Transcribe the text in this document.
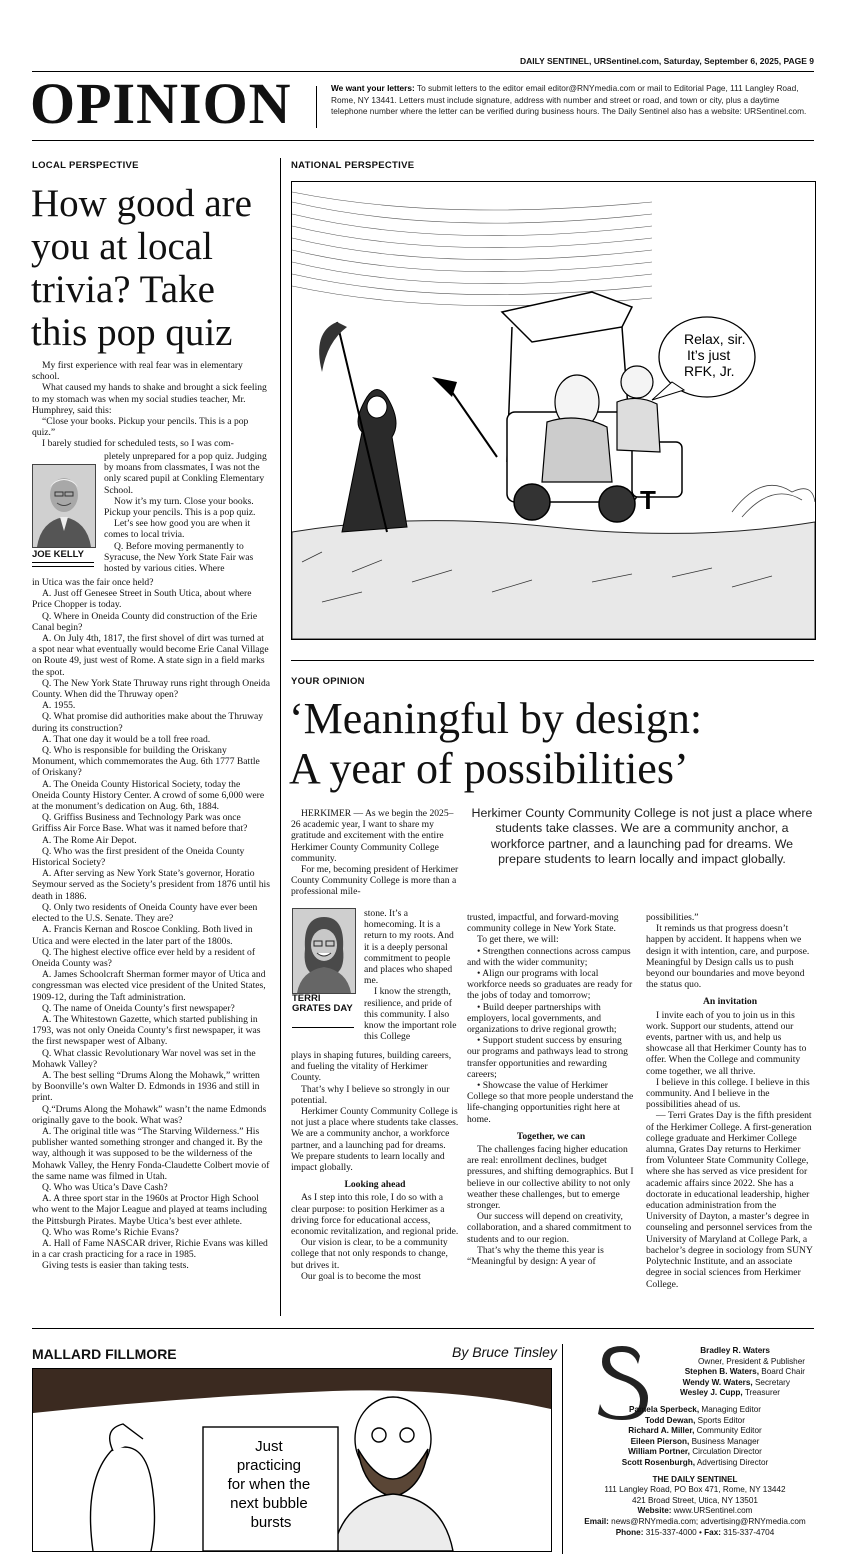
DAILY SENTINEL, URSentinel.com, Saturday, September 6, 2025, PAGE 9
OPINION	We want your letters: To submit letters to the editor email editor@RNYmedia.com or mail to Editorial Page, 111 Langley Road, Rome, NY 13441. Letters must include signature, address with number and street or road, and town or city, plus a daytime telephone number where the letter can be verified during business hours. The Daily Sentinel also has a website: URSentinel.com.
LOCAL PERSPECTIVE
How good are you at local trivia? Take this pop quiz

My first experience with real fear was in elementary school.

What caused my hands to shake and brought a sick feeling to my stomach was when my social studies teacher, Mr. Humphrey, said this:

“Close your books. Pickup your pencils. This is a pop quiz.”

I barely studied for scheduled tests, so I was com-

JOE KELLY

pletely unprepared for a pop quiz. Judging by moans from classmates, I was not the only scared pupil at Conkling Elementary School.

Now it’s my turn. Close your books. Pickup your pencils. This is a pop quiz.

Let’s see how good you are when it comes to local trivia.

Q. Before moving permanently to Syracuse, the New York State Fair was hosted by various cities. Where

in Utica was the fair once held?

A. Just off Genesee Street in South Utica, about where Price Chopper is today.

Q. Where in Oneida County did construction of the Erie Canal begin?

A. On July 4th, 1817, the first shovel of dirt was turned at a spot near what eventually would become Erie Canal Village on Route 49, just west of Rome. A state sign in a field marks the spot.

Q. The New York State Thruway runs right through Oneida County. When did the Thruway open?

A. 1955.

Q. What promise did authorities make about the Thruway during its construction?

A. That one day it would be a toll free road.

Q. Who is responsible for building the Oriskany Monument, which commemorates the Aug. 6th 1777 Battle of Oriskany?

A. The Oneida County Historical Society, today the Oneida County History Center. A crowd of some 6,000 were at the monument’s dedication on Aug. 6th, 1884.

Q. Griffiss Business and Technology Park was once Griffiss Air Force Base. What was it named before that?

A. The Rome Air Depot.

Q. Who was the first president of the Oneida County Historical Society?

A. After serving as New York State’s governor, Horatio Seymour served as the Society’s president from 1876 until his death in 1886.

Q. Only two residents of Oneida County have ever been elected to the U.S. Senate. They are?

A. Francis Kernan and Roscoe Conkling. Both lived in Utica and were elected in the later part of the 1800s.

Q. The highest elective office ever held by a resident of Oneida County was?

A. James Schoolcraft Sherman former mayor of Utica and congressman was elected vice president of the United States, 1909-12, during the Taft administration.

Q. The name of Oneida County’s first newspaper?

A. The Whitestown Gazette, which started publishing in 1793, was not only Oneida County’s first newspaper, it was the first newspaper west of Albany.

Q. What classic Revolutionary War novel was set in the Mohawk Valley?

A. The best selling “Drums Along the Mohawk,” written by Boonville’s own Walter D. Edmonds in 1936 and still in print.

Q.“Drums Along the Mohawk” wasn’t the name Edmonds originally gave to the book. What was?

A. The original title was “The Starving Wilderness.” His publisher wanted something stronger and changed it. By the way, although it was supposed to be the wilderness of the Mohawk Valley, the Henry Fonda-Claudette Colbert movie of the same name was filmed in Utah.

Q. Who was Utica’s Dave Cash?

A. A three sport star in the 1960s at Proctor High School who went to the Major League and played at teams including the Pittsburgh Pirates. Maybe Utica’s best ever athlete.

Q. Who was Rome’s Richie Evans?

A. Hall of Fame NASCAR driver, Richie Evans was killed in a car crash practicing for a race in 1985.

Giving tests is easier than taking tests.

NATIONAL PERSPECTIVE
T
Relax, sir. It’s just RFK, Jr.
YOUR OPINION
‘Meaningful by design:
A year of possibilities’
Herkimer County Community College is not just a place where students take classes. We are a community anchor, a workforce partner, and a launching pad for dreams. We prepare students to learn locally and impact globally.

HERKIMER — As we begin the 2025–26 academic year, I want to share my gratitude and excitement with the entire Herkimer County Community College community.

For me, becoming president of Herkimer County Community College is more than a professional mile-

TERRI GRATES DAY

stone. It’s a homecoming. It is a return to my roots. And it is a deeply personal commitment to people and places who shaped me.

I know the strength, resilience, and pride of this community. I also know the important role this College

plays in shaping futures, building careers, and fueling the vitality of Herkimer County.

That’s why I believe so strongly in our potential.

Herkimer County Community College is not just a place where students take classes. We are a community anchor, a workforce partner, and a launching pad for dreams. We prepare students to learn locally and impact globally.

Looking ahead

As I step into this role, I do so with a clear purpose: to position Herkimer as a driving force for educational access, economic revitalization, and regional pride.

Our vision is clear, to be a community college that not only responds to change, but drives it.

Our goal is to become the most

trusted, impactful, and forward-moving community college in New York State.

To get there, we will:

• Strengthen connections across campus and with the wider community;

• Align our programs with local workforce needs so graduates are ready for the jobs of today and tomorrow;

• Build deeper partnerships with employers, local governments, and organizations to drive regional growth;

• Support student success by ensuring our programs and pathways lead to strong transfer opportunities and rewarding careers;

• Showcase the value of Herkimer College so that more people understand the life-changing opportunities right here at home.

Together, we can

The challenges facing higher education are real: enrollment declines, budget pressures, and shifting demographics. But I believe in our collective ability to not only weather these challenges, but to emerge stronger.

Our success will depend on creativity, collaboration, and a shared commitment to students and to our region.

That’s why the theme this year is “Meaningful by design: A year of

possibilities.”

It reminds us that progress doesn’t happen by accident. It happens when we design it with intention, care, and purpose. Meaningful by Design calls us to push beyond our boundaries and move beyond the status quo.

An invitation

I invite each of you to join us in this work. Support our students, attend our events, partner with us, and help us showcase all that Herkimer County has to offer. When the College and community come together, we all thrive.

I believe in this college. I believe in this community. And I believe in the possibilities ahead of us.

— Terri Grates Day is the fifth president of the Herkimer College. A first-generation college graduate and Herkimer College alumna, Grates Day returns to Herkimer from Volunteer State Community College, where she has served as vice president for academic affairs since 2022. She has a doctorate in educational leadership, higher education administration from the University of Dayton, a master’s degree in counseling and personnel services from the University of Maryland at College Park, a bachelor’s degree in sociology from SUNY Polytechnic Institute, and an associate degree in social sciences from Herkimer College.

MALLARD FILLMORE	By Bruce Tinsley
Just practicing for when the next bubble bursts
Bradley R. Waters
Owner, President & Publisher
Stephen B. Waters, Board Chair
Wendy W. Waters, Secretary
Wesley J. Cupp, Treasurer
Pamela Sperbeck, Managing Editor
Todd Dewan, Sports Editor
Richard A. Miller, Community Editor
Eileen Pierson, Business Manager
William Portner, Circulation Director
Scott Rosenburgh, Advertising Director
THE DAILY SENTINEL
111 Langley Road, PO Box 471, Rome, NY 13442
421 Broad Street, Utica, NY 13501
Website: www.URSentinel.com
Email: news@RNYmedia.com; advertising@RNYmedia.com
Phone: 315-337-4000 • Fax: 315-337-4704
